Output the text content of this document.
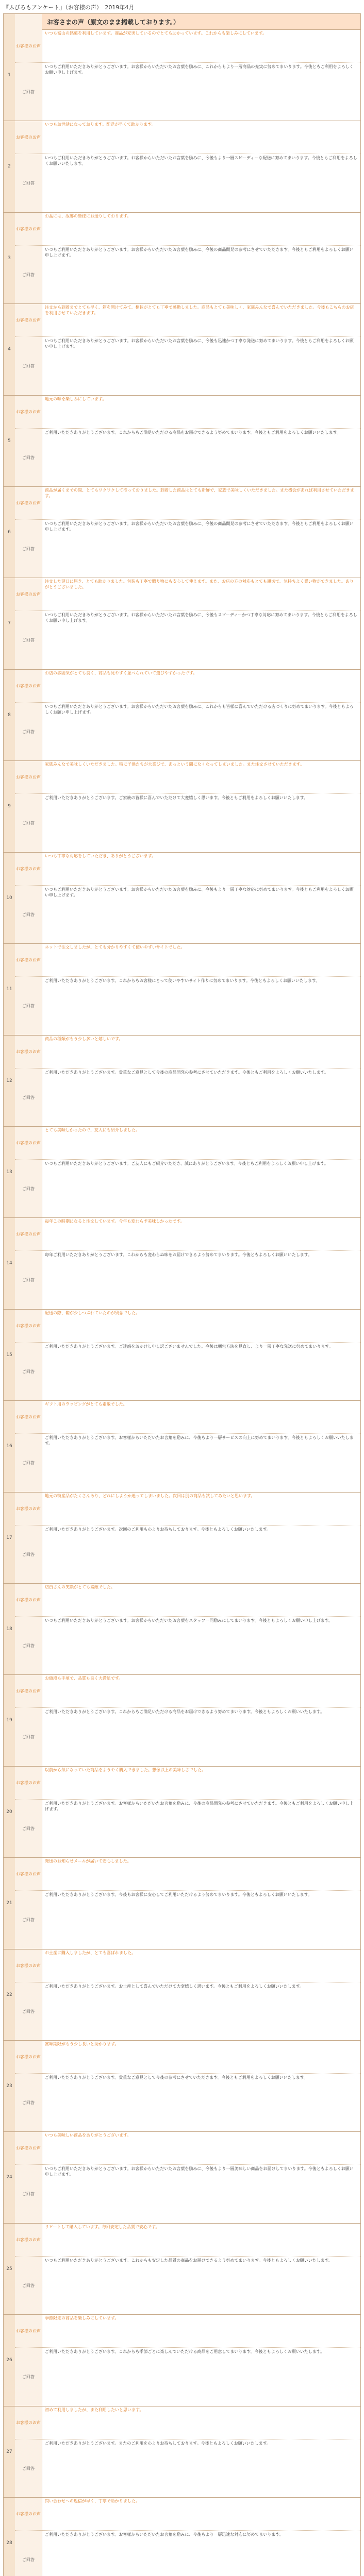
『ふびろもアンケート』（お客様の声）　2019年4月
お客さまの声（原文のまま掲載しております。）
1
お客様のお声
いつも富山の銘菓を利用しています。商品が充実しているのでとても助かっています。これからも楽しみにしています。
ご回答
いつもご利用いただきありがとうございます。お客様からいただいたお言葉を励みに、これからもより一層商品の充実に努めてまいります。今後ともご利用をよろしくお願い申し上げます。
2
お客様のお声
いつもお世話になっております。配送が早くて助かります。
ご回答
いつもご利用いただきありがとうございます。お客様からいただいたお言葉を励みに、今後もより一層スピーディーな配送に努めてまいります。今後ともご利用をよろしくお願いいたします。
3
お客様のお声
お盆には、故郷の皆様にお送りしております。
ご回答
いつもご利用いただきありがとうございます。お客様からいただいたお言葉を励みに、今後の商品開発の参考にさせていただきます。今後ともご利用をよろしくお願い申し上げます。
4
お客様のお声
注文から到着までとても早く、箱を開けてみて、梱包がとても丁寧で感動しました。商品もとても美味しく、家族みんなで喜んでいただきました。今後もこちらのお店を利用させていただきます。
ご回答
いつもご利用いただきありがとうございます。お客様からいただいたお言葉を励みに、今後も迅速かつ丁寧な発送に努めてまいります。今後ともご利用をよろしくお願い申し上げます。
5
お客様のお声
地元の味を楽しみにしています。
ご回答
ご利用いただきありがとうございます。これからもご満足いただける商品をお届けできるよう努めてまいります。今後ともご利用をよろしくお願いいたします。
6
お客様のお声
商品が届くまでの間、とてもワクワクして待っておりました。到着した商品はとても新鮮で、家族で美味しくいただきました。また機会があれば利用させていただきます。
ご回答
いつもご利用いただきありがとうございます。お客様からいただいたお言葉を励みに、今後の商品開発の参考にさせていただきます。今後ともご利用をよろしくお願い申し上げます。
7
お客様のお声
注文した翌日に届き、とても助かりました。包装も丁寧で贈り物にも安心して使えます。また、お店の方の対応もとても親切で、気持ちよく買い物ができました。ありがとうございました。
ご回答
いつもご利用いただきありがとうございます。お客様からいただいたお言葉を励みに、今後もスピーディーかつ丁寧な対応に努めてまいります。今後ともご利用をよろしくお願い申し上げます。
8
お客様のお声
お店の雰囲気がとても良く、商品も見やすく並べられていて選びやすかったです。
ご回答
いつもご利用いただきありがとうございます。お客様からいただいたお言葉を励みに、これからも皆様に喜んでいただける店づくりに努めてまいります。今後ともよろしくお願い申し上げます。
9
お客様のお声
家族みんなで美味しくいただきました。特に子供たちが大喜びで、あっという間になくなってしまいました。また注文させていただきます。
ご回答
ご利用いただきありがとうございます。ご家族の皆様に喜んでいただけて大変嬉しく思います。今後ともご利用をよろしくお願いいたします。
10
お客様のお声
いつも丁寧な対応をしていただき、ありがとうございます。
ご回答
いつもご利用いただきありがとうございます。お客様からいただいたお言葉を励みに、今後もより一層丁寧な対応に努めてまいります。今後ともご利用をよろしくお願い申し上げます。
11
お客様のお声
ネットで注文しましたが、とても分かりやすくて使いやすいサイトでした。
ご回答
ご利用いただきありがとうございます。これからもお客様にとって使いやすいサイト作りに努めてまいります。今後ともよろしくお願いいたします。
12
お客様のお声
商品の種類がもう少し多いと嬉しいです。
ご回答
ご利用いただきありがとうございます。貴重なご意見として今後の商品開発の参考にさせていただきます。今後ともご利用をよろしくお願いいたします。
13
お客様のお声
とても美味しかったので、友人にも紹介しました。
ご回答
いつもご利用いただきありがとうございます。ご友人にもご紹介いただき、誠にありがとうございます。今後ともご利用をよろしくお願い申し上げます。
14
お客様のお声
毎年この時期になると注文しています。今年も変わらず美味しかったです。
ご回答
毎年ご利用いただきありがとうございます。これからも変わらぬ味をお届けできるよう努めてまいります。今後ともよろしくお願いいたします。
15
お客様のお声
配送の際、箱が少しつぶれていたのが残念でした。
ご回答
ご利用いただきありがとうございます。ご迷惑をおかけし申し訳ございませんでした。今後は梱包方法を見直し、より一層丁寧な発送に努めてまいります。
16
お客様のお声
ギフト用のラッピングがとても素敵でした。
ご回答
ご利用いただきありがとうございます。お客様からいただいたお言葉を励みに、今後もより一層サービスの向上に努めてまいります。今後ともよろしくお願いいたします。
17
お客様のお声
地元の特産品がたくさんあり、どれにしようか迷ってしまいました。次回は別の商品も試してみたいと思います。
ご回答
ご利用いただきありがとうございます。次回のご利用も心よりお待ちしております。今後ともよろしくお願いいたします。
18
お客様のお声
店員さんの笑顔がとても素敵でした。
ご回答
いつもご利用いただきありがとうございます。お客様からいただいたお言葉をスタッフ一同励みにしてまいります。今後ともよろしくお願い申し上げます。
19
お客様のお声
お値段も手頃で、品質も良く大満足です。
ご回答
ご利用いただきありがとうございます。これからもご満足いただける商品をお届けできるよう努めてまいります。今後ともよろしくお願いいたします。
20
お客様のお声
以前から気になっていた商品をようやく購入できました。想像以上の美味しさでした。
ご回答
ご利用いただきありがとうございます。お客様からいただいたお言葉を励みに、今後の商品開発の参考にさせていただきます。今後ともご利用をよろしくお願い申し上げます。
21
お客様のお声
発送のお知らせメールが届いて安心しました。
ご回答
ご利用いただきありがとうございます。今後もお客様に安心してご利用いただけるよう努めてまいります。今後ともよろしくお願いいたします。
22
お客様のお声
お土産に購入しましたが、とても喜ばれました。
ご回答
ご利用いただきありがとうございます。お土産として喜んでいただけて大変嬉しく思います。今後ともご利用をよろしくお願いいたします。
23
お客様のお声
賞味期限がもう少し長いと助かります。
ご回答
ご利用いただきありがとうございます。貴重なご意見として今後の参考にさせていただきます。今後ともご利用をよろしくお願いいたします。
24
お客様のお声
いつも美味しい商品をありがとうございます。
ご回答
いつもご利用いただきありがとうございます。お客様からいただいたお言葉を励みに、今後もより一層美味しい商品をお届けしてまいります。今後ともよろしくお願い申し上げます。
25
お客様のお声
リピートして購入しています。毎回安定した品質で安心です。
ご回答
いつもご利用いただきありがとうございます。これからも安定した品質の商品をお届けできるよう努めてまいります。今後ともよろしくお願いいたします。
26
お客様のお声
季節限定の商品を楽しみにしています。
ご回答
ご利用いただきありがとうございます。これからも季節ごとに楽しんでいただける商品をご用意してまいります。今後ともよろしくお願いいたします。
27
お客様のお声
初めて利用しましたが、また利用したいと思います。
ご回答
ご利用いただきありがとうございます。またのご利用を心よりお待ちしております。今後ともよろしくお願いいたします。
28
お客様のお声
問い合わせへの返信が早く、丁寧で助かりました。
ご回答
ご利用いただきありがとうございます。お客様からいただいたお言葉を励みに、今後もより一層迅速な対応に努めてまいります。
